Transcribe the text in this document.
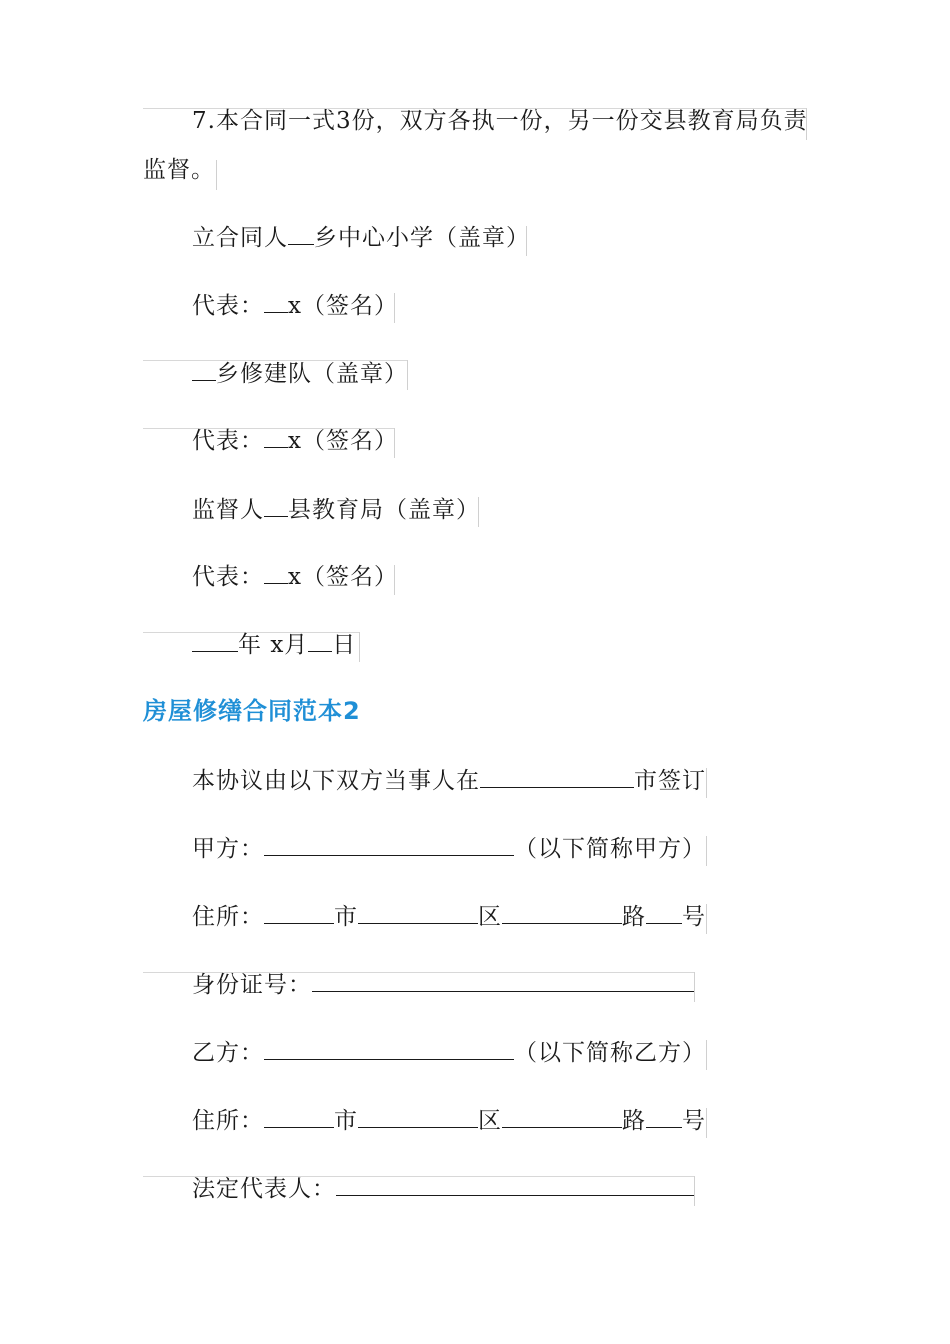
7.本合同一式3份，双方各执一份，另一份交县教育局负责
监督。
立合同人 乡中心小学（盖章）
代表： x（签名）
乡修建队（盖章）
代表： x（签名）
监督人 县教育局（盖章）
代表： x（签名）
年 x月 日
房屋修缮合同范本2
本协议由以下双方当事人在	市签订
甲方：	（以下简称甲方）
住所：	市	区	路 号
身份证号：
乙方：	（以下简称乙方）
住所：	市	区	路 号
法定代表人：
